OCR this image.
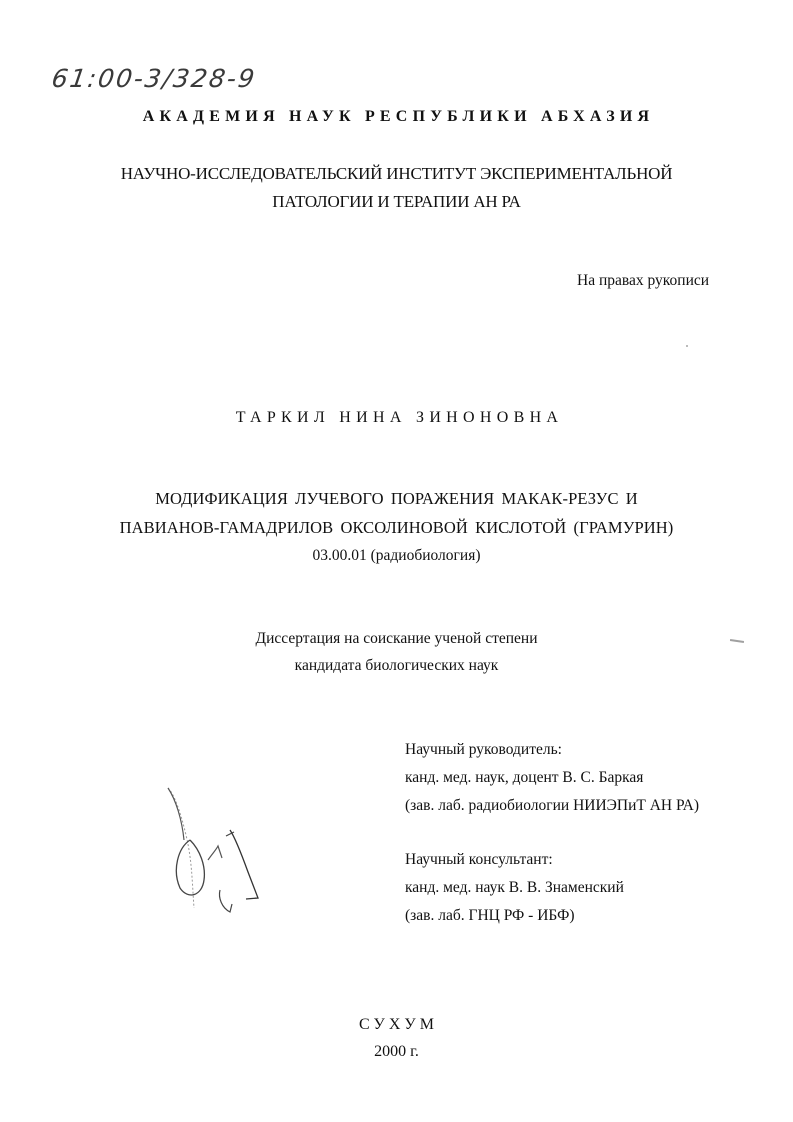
61:00-3/328-9
АКАДЕМИЯ НАУК РЕСПУБЛИКИ АБХАЗИЯ
НАУЧНО-ИССЛЕДОВАТЕЛЬСКИЙ ИНСТИТУТ ЭКСПЕРИМЕНТАЛЬНОЙ
ПАТОЛОГИИ И ТЕРАПИИ АН РА
На правах рукописи
ТАРКИЛ НИНА ЗИНОНОВНА
МОДИФИКАЦИЯ ЛУЧЕВОГО ПОРАЖЕНИЯ МАКАК-РЕЗУС И
ПАВИАНОВ-ГАМАДРИЛОВ ОКСОЛИНОВОЙ КИСЛОТОЙ (ГРАМУРИН)
03.00.01 (радиобиология)
Диссертация на соискание ученой степени
кандидата биологических наук
Научный руководитель:
канд. мед. наук, доцент В. С. Баркая
(зав. лаб. радиобиологии НИИЭПиТ АН РА)
Научный консультант:
канд. мед. наук В. В. Знаменский
(зав. лаб. ГНЦ РФ - ИБФ)
СУХУМ
2000 г.
